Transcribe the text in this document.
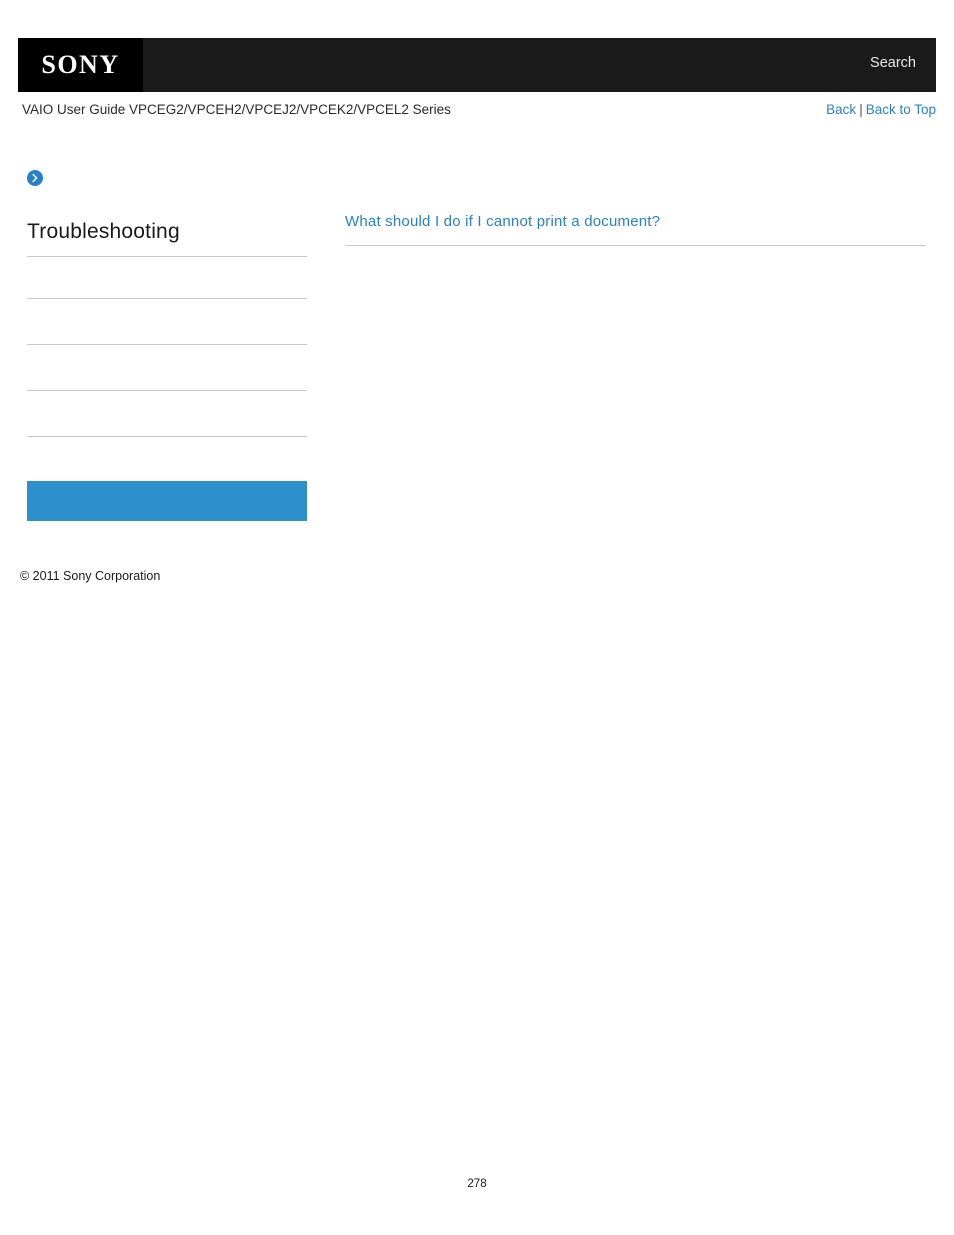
SONY	Search
VAIO User Guide VPCEG2/VPCEH2/VPCEJ2/VPCEK2/VPCEL2 Series	Back | Back to Top
Troubleshooting
© 2011 Sony Corporation
What should I do if I cannot print a document?
278
